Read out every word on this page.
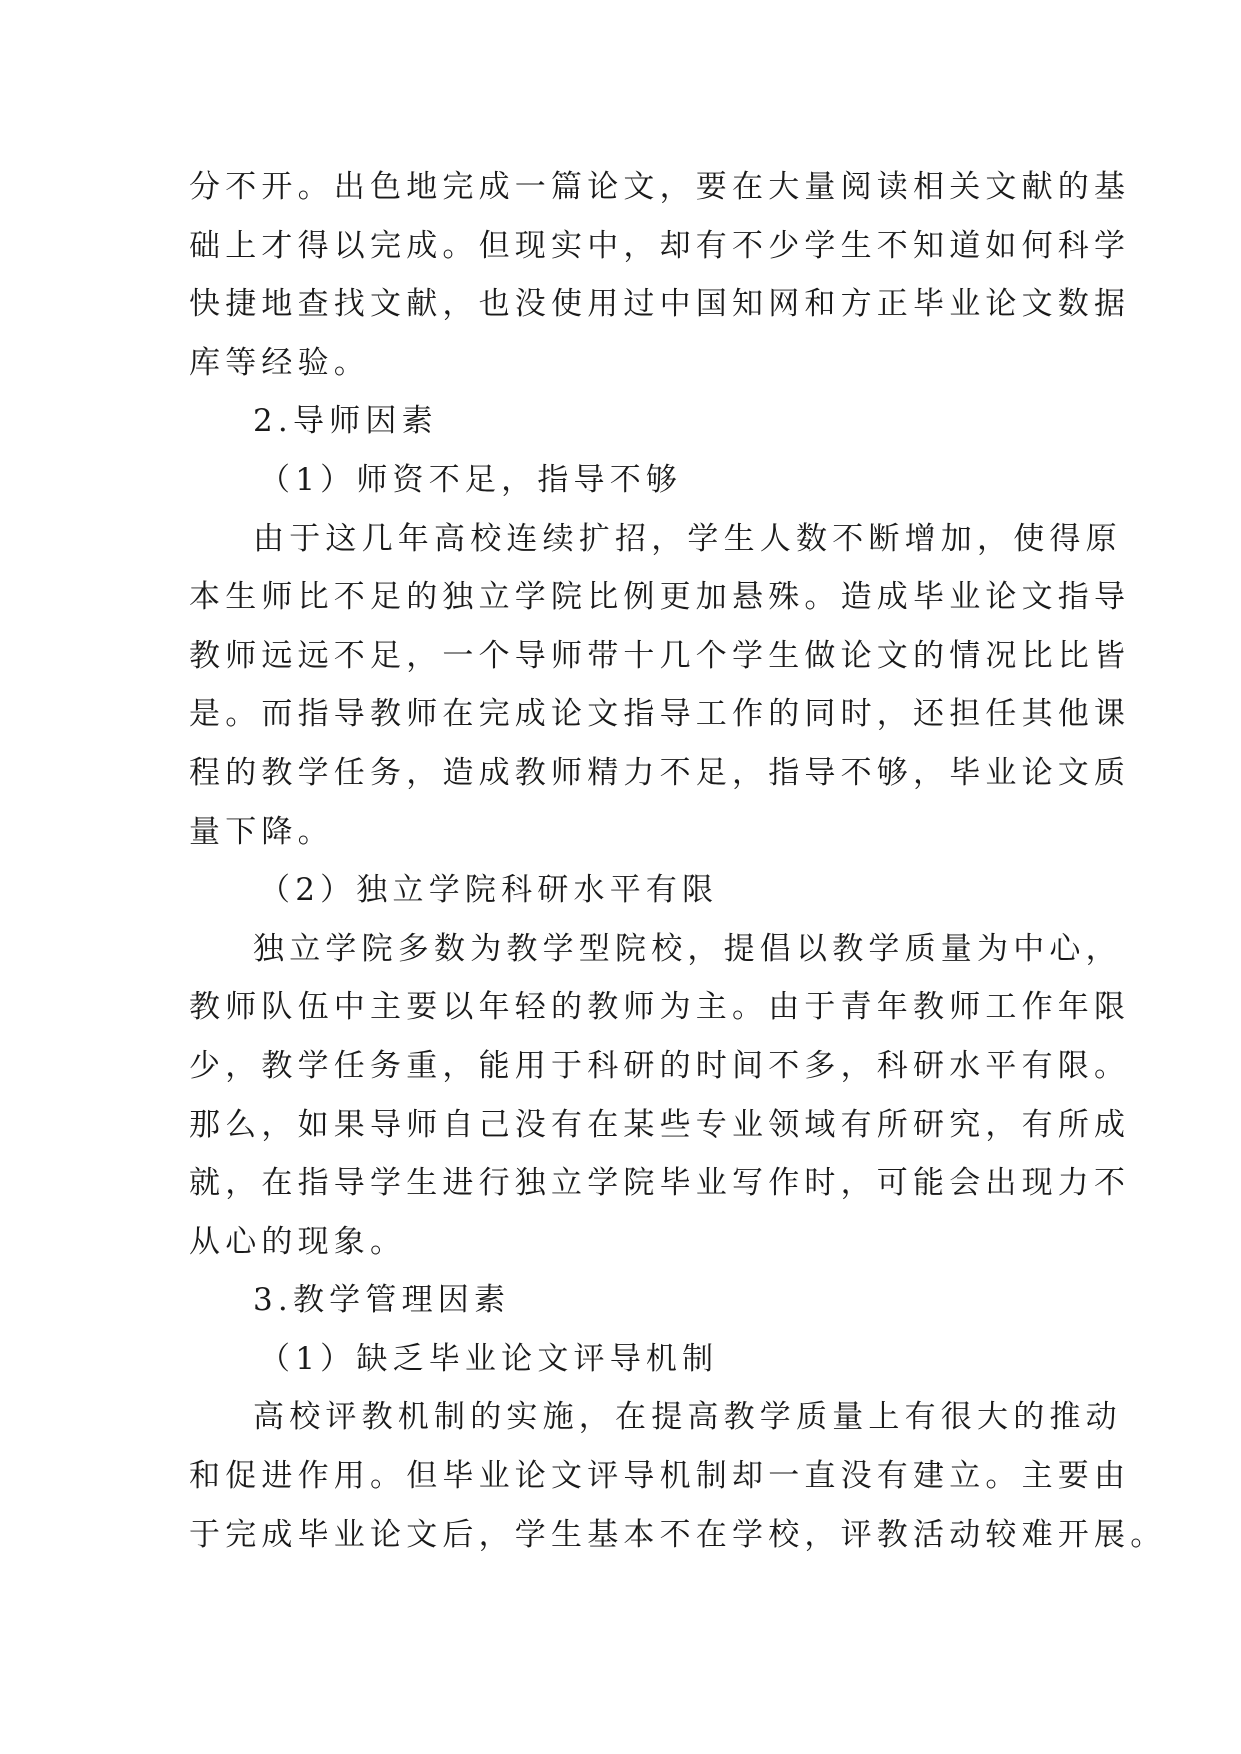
分不开。出色地完成一篇论文，要在大量阅读相关文献的基
础上才得以完成。但现实中，却有不少学生不知道如何科学
快捷地查找文献，也没使用过中国知网和方正毕业论文数据
库等经验。
2.导师因素
（1）师资不足，指导不够
由于这几年高校连续扩招，学生人数不断增加，使得原
本生师比不足的独立学院比例更加悬殊。造成毕业论文指导
教师远远不足，一个导师带十几个学生做论文的情况比比皆
是。而指导教师在完成论文指导工作的同时，还担任其他课
程的教学任务，造成教师精力不足，指导不够，毕业论文质
量下降。
（2）独立学院科研水平有限
独立学院多数为教学型院校，提倡以教学质量为中心，
教师队伍中主要以年轻的教师为主。由于青年教师工作年限
少，教学任务重，能用于科研的时间不多，科研水平有限。
那么，如果导师自己没有在某些专业领域有所研究，有所成
就，在指导学生进行独立学院毕业写作时，可能会出现力不
从心的现象。
3.教学管理因素
（1）缺乏毕业论文评导机制
高校评教机制的实施，在提高教学质量上有很大的推动
和促进作用。但毕业论文评导机制却一直没有建立。主要由
于完成毕业论文后，学生基本不在学校，评教活动较难开展。
